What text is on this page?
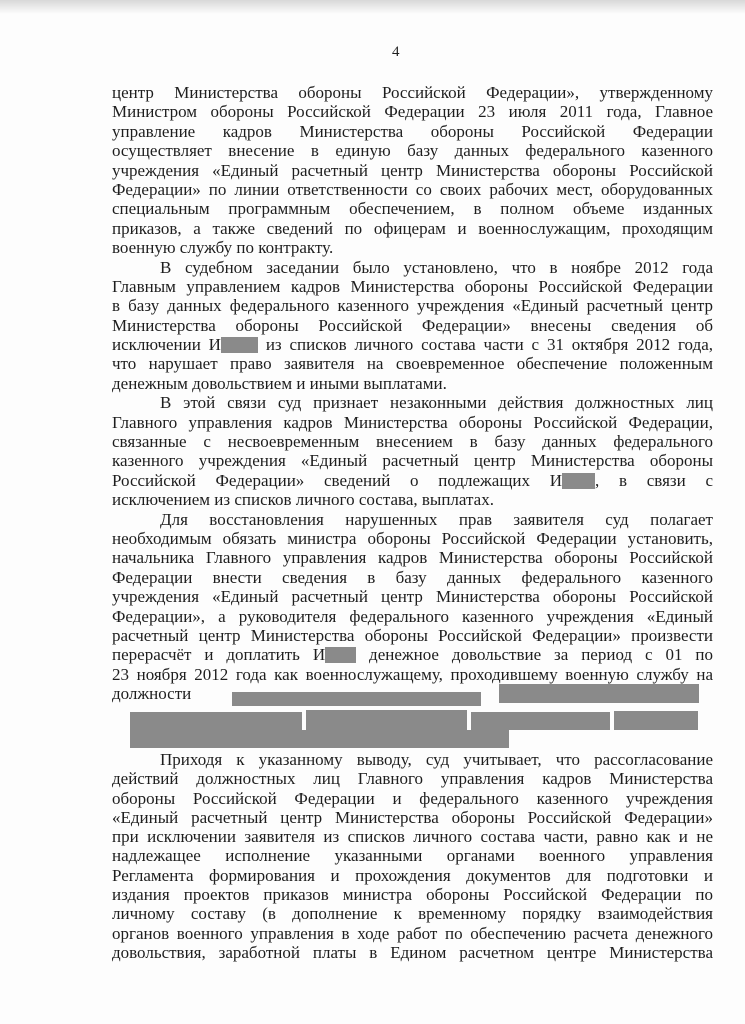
4
центр Министерства обороны Российской Федерации», утвержденному
Министром обороны Российской Федерации 23 июля 2011 года, Главное
управление кадров Министерства обороны Российской Федерации
осуществляет внесение в единую базу данных федерального казенного
учреждения «Единый расчетный центр Министерства обороны Российской
Федерации» по линии ответственности со своих рабочих мест, оборудованных
специальным программным обеспечением, в полном объеме изданных
приказов, а также сведений по офицерам и военнослужащим, проходящим
военную службу по контракту.
В судебном заседании было установлено, что в ноябре 2012 года
Главным управлением кадров Министерства обороны Российской Федерации
в базу данных федерального казенного учреждения «Единый расчетный центр
Министерства обороны Российской Федерации» внесены сведения об
исключении И	из списков личного состава части с 31 октября 2012 года,
что нарушает право заявителя на своевременное обеспечение положенным
денежным довольствием и иными выплатами.
В этой связи суд признает незаконными действия должностных лиц
Главного управления кадров Министерства обороны Российской Федерации,
связанные с несвоевременным внесением в базу данных федерального
казенного учреждения «Единый расчетный центр Министерства обороны
Российской Федерации» сведений о подлежащих И , в связи с
исключением из списков личного состава, выплатах.
Для восстановления нарушенных прав заявителя суд полагает
необходимым обязать министра обороны Российской Федерации установить,
начальника Главного управления кадров Министерства обороны Российской
Федерации внести сведения в базу данных федерального казенного
учреждения «Единый расчетный центр Министерства обороны Российской
Федерации», а руководителя федерального казенного учреждения «Единый
расчетный центр Министерства обороны Российской Федерации» произвести
перерасчёт и доплатить И	денежное довольствие за период с 01 по
23 ноября 2012 года как военнослужащему, проходившему военную службу на
должности
Приходя к указанному выводу, суд учитывает, что рассогласование
действий должностных лиц Главного управления кадров Министерства
обороны Российской Федерации и федерального казенного учреждения
«Единый расчетный центр Министерства обороны Российской Федерации»
при исключении заявителя из списков личного состава части, равно как и не
надлежащее исполнение указанными органами военного управления
Регламента формирования и прохождения документов для подготовки и
издания проектов приказов министра обороны Российской Федерации по
личному составу (в дополнение к временному порядку взаимодействия
органов военного управления в ходе работ по обеспечению расчета денежного
довольствия, заработной платы в Едином расчетном центре Министерства
